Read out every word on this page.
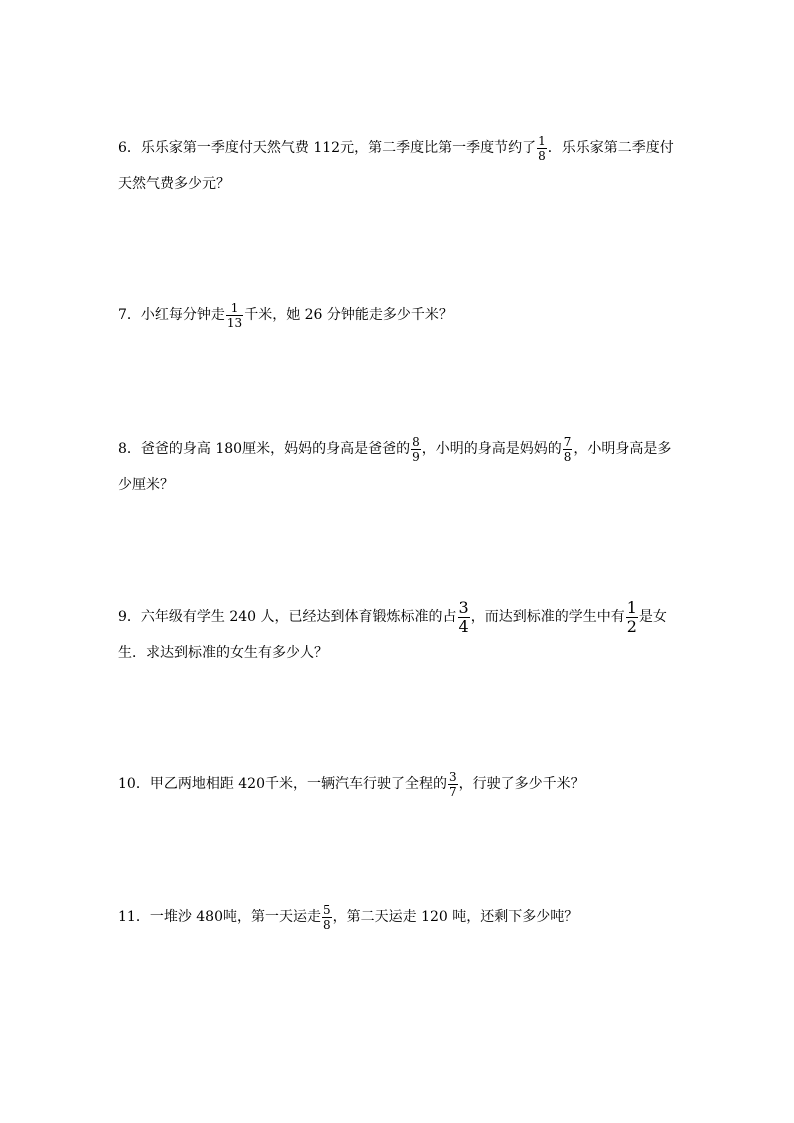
6．乐乐家第一季度付天然气费 112元，第二季度比第一季度节约了 $\frac{1}{8}$ ．乐乐家第二季度付
天然气费多少元？
7．小红每分钟走 $\frac{1}{13}$ 千米，她 26 分钟能走多少千米？
8．爸爸的身高 180厘米，妈妈的身高是爸爸的 $\frac{8}{9}$ ，小明的身高是妈妈的 $\frac{7}{8}$ ，小明身高是多
少厘米？
9．六年级有学生 240 人，已经达到体育锻炼标准的占 $\frac{3}{4}$ ，而达到标准的学生中有 $\frac{1}{2}$ 是女
生．求达到标准的女生有多少人？
10．甲乙两地相距 420千米，一辆汽车行驶了全程的 $\frac{3}{7}$ ，行驶了多少千米？
11．一堆沙 480吨，第一天运走 $\frac{5}{8}$ ，第二天运走 120 吨，还剩下多少吨？
